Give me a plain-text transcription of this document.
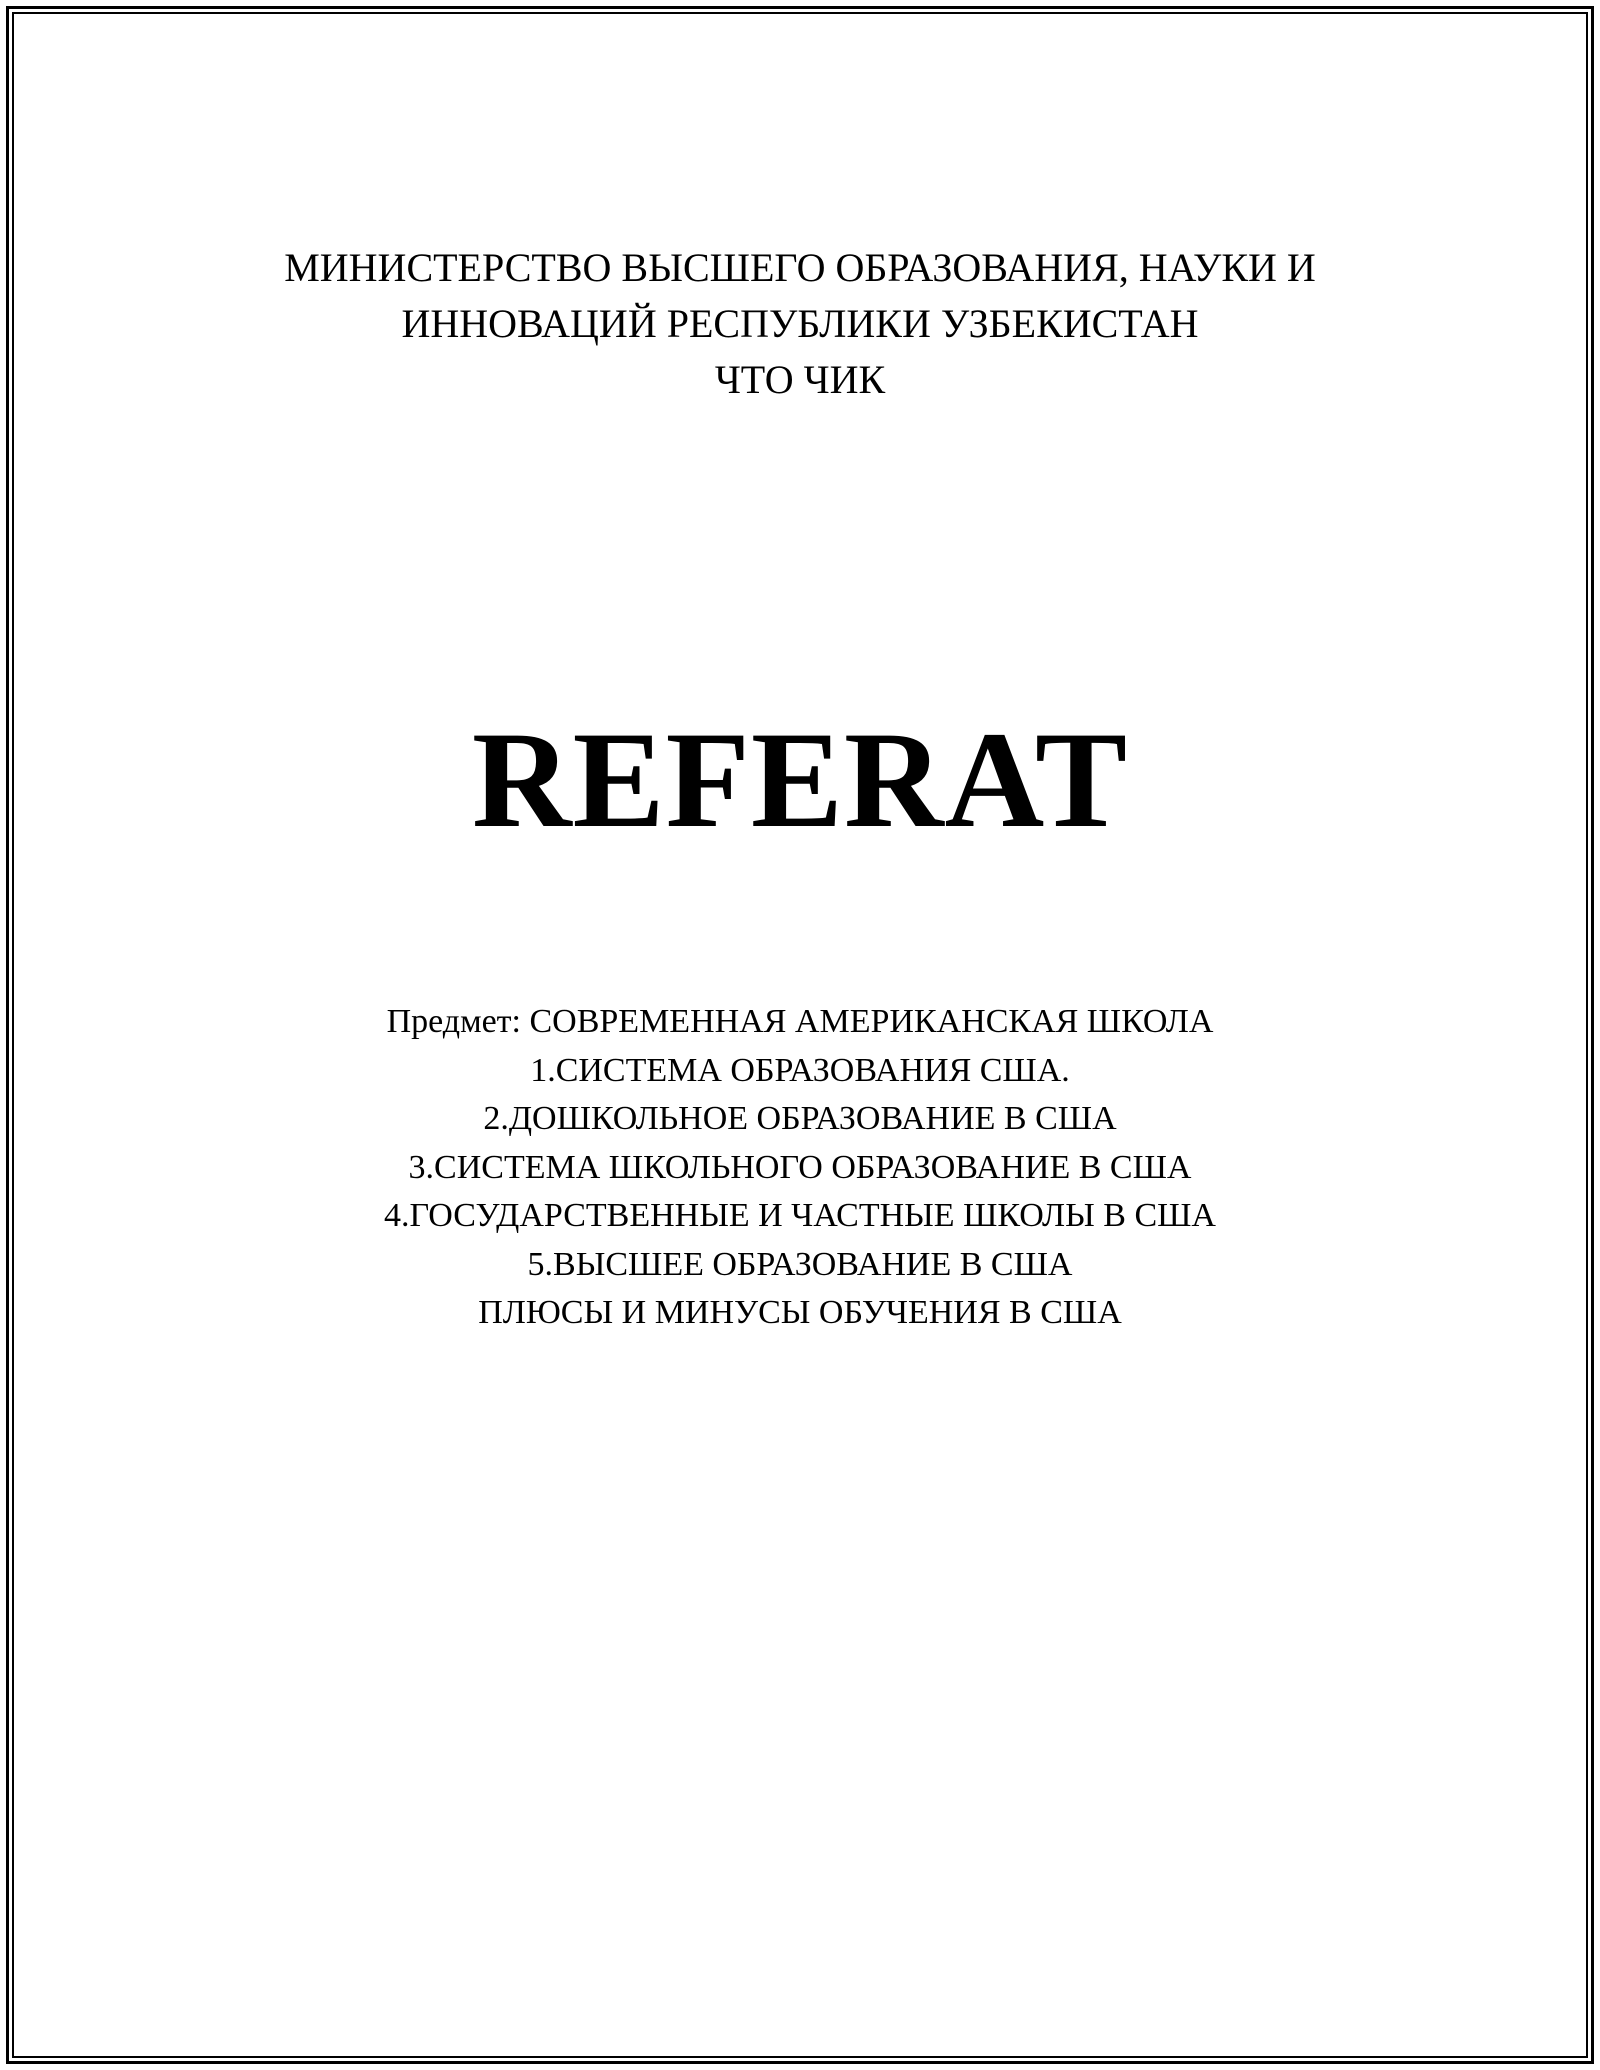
МИНИСТЕРСТВО ВЫСШЕГО ОБРАЗОВАНИЯ, НАУКИ И
ИННОВАЦИЙ РЕСПУБЛИКИ УЗБЕКИСТАН
ЧТО ЧИК
REFERAT
Предмет: СОВРЕМЕННАЯ АМЕРИКАНСКАЯ ШКОЛА
1.СИСТЕМА ОБРАЗОВАНИЯ США.
2.ДОШКОЛЬНОЕ ОБРАЗОВАНИЕ В США
3.СИСТЕМА ШКОЛЬНОГО ОБРАЗОВАНИЕ В США
4.ГОСУДАРСТВЕННЫЕ И ЧАСТНЫЕ ШКОЛЫ В США
5.ВЫСШЕЕ ОБРАЗОВАНИЕ В США
ПЛЮСЫ И МИНУСЫ ОБУЧЕНИЯ В США
